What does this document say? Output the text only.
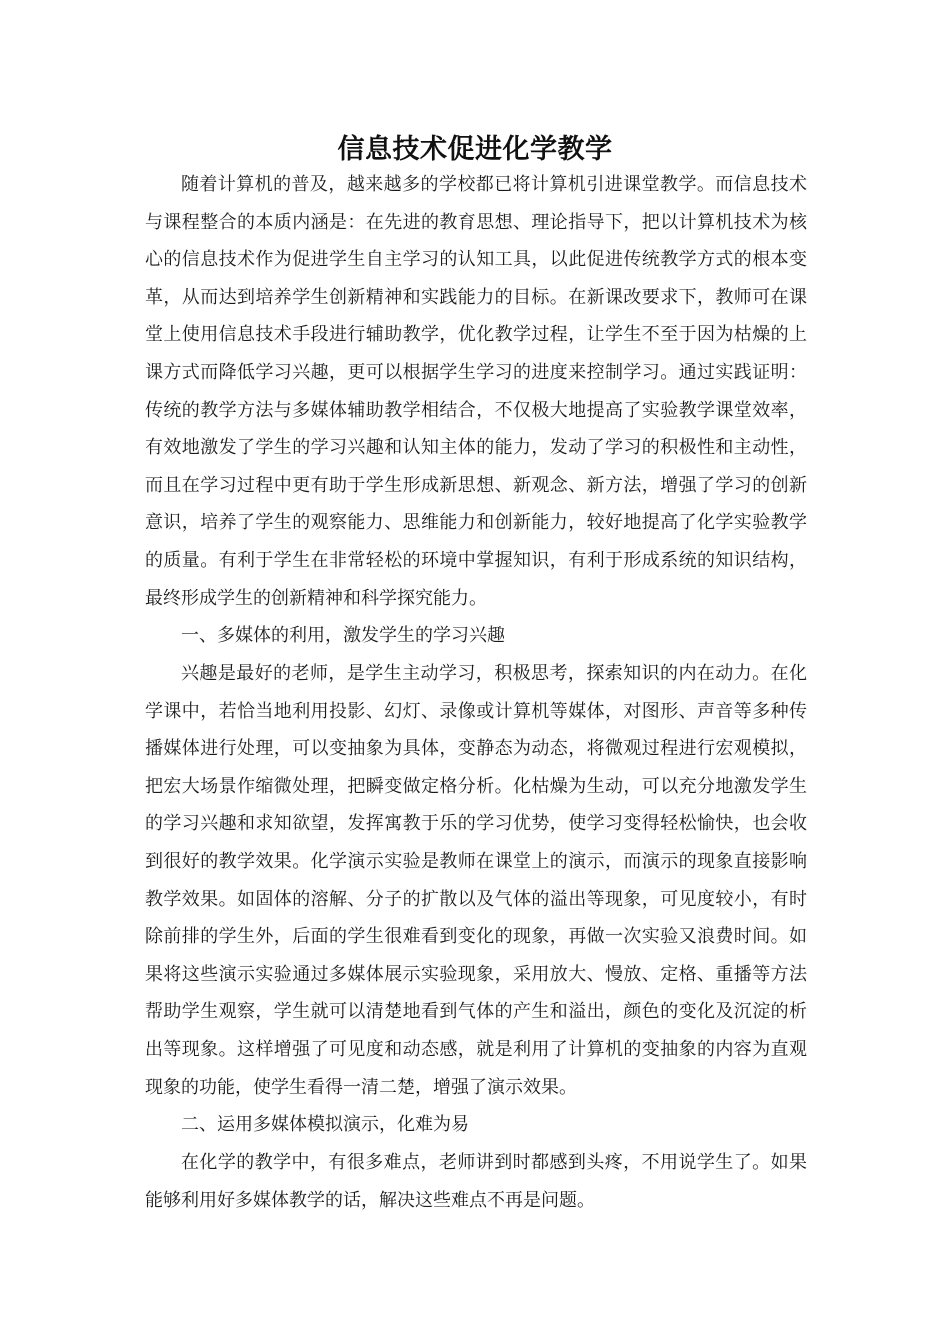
信息技术促进化学教学

随着计算机的普及，越来越多的学校都已将计算机引进课堂教学。而信息技术与课程整合的本质内涵是：在先进的教育思想、理论指导下，把以计算机技术为核心的信息技术作为促进学生自主学习的认知工具，以此促进传统教学方式的根本变革，从而达到培养学生创新精神和实践能力的目标。在新课改要求下，教师可在课堂上使用信息技术手段进行辅助教学，优化教学过程，让学生不至于因为枯燥的上课方式而降低学习兴趣，更可以根据学生学习的进度来控制学习。通过实践证明：传统的教学方法与多媒体辅助教学相结合，不仅极大地提高了实验教学课堂效率，有效地激发了学生的学习兴趣和认知主体的能力，发动了学习的积极性和主动性，而且在学习过程中更有助于学生形成新思想、新观念、新方法，增强了学习的创新意识，培养了学生的观察能力、思维能力和创新能力，较好地提高了化学实验教学的质量。有利于学生在非常轻松的环境中掌握知识，有利于形成系统的知识结构，最终形成学生的创新精神和科学探究能力。

一、多媒体的利用，激发学生的学习兴趣

兴趣是最好的老师，是学生主动学习，积极思考，探索知识的内在动力。在化学课中，若恰当地利用投影、幻灯、录像或计算机等媒体，对图形、声音等多种传播媒体进行处理，可以变抽象为具体，变静态为动态，将微观过程进行宏观模拟，把宏大场景作缩微处理，把瞬变做定格分析。化枯燥为生动，可以充分地激发学生的学习兴趣和求知欲望，发挥寓教于乐的学习优势，使学习变得轻松愉快，也会收到很好的教学效果。化学演示实验是教师在课堂上的演示，而演示的现象直接影响教学效果。如固体的溶解、分子的扩散以及气体的溢出等现象，可见度较小，有时除前排的学生外，后面的学生很难看到变化的现象，再做一次实验又浪费时间。如果将这些演示实验通过多媒体展示实验现象，采用放大、慢放、定格、重播等方法帮助学生观察，学生就可以清楚地看到气体的产生和溢出，颜色的变化及沉淀的析出等现象。这样增强了可见度和动态感，就是利用了计算机的变抽象的内容为直观现象的功能，使学生看得一清二楚，增强了演示效果。

二、运用多媒体模拟演示，化难为易

在化学的教学中，有很多难点，老师讲到时都感到头疼，不用说学生了。如果能够利用好多媒体教学的话，解决这些难点不再是问题。
